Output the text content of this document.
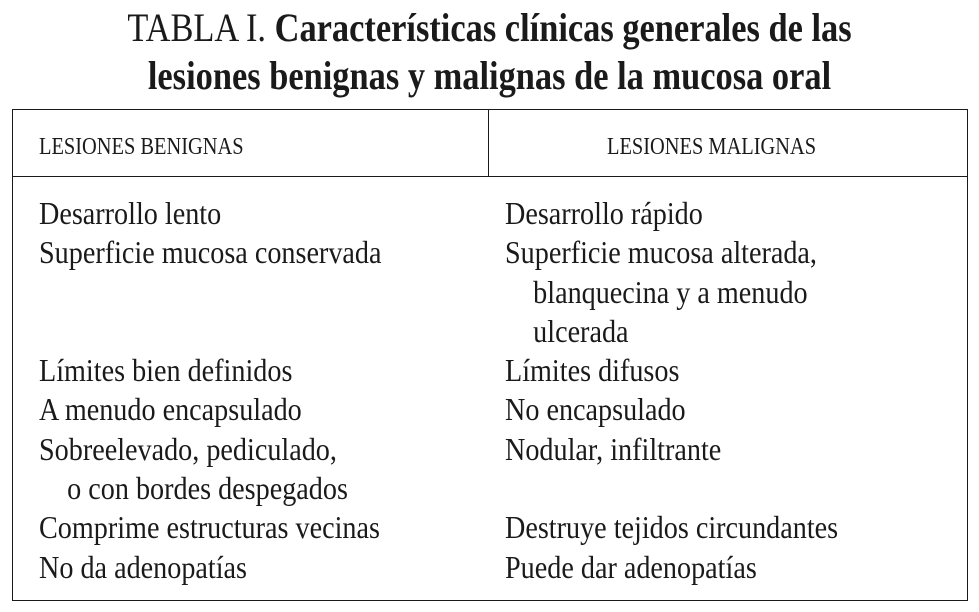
TABLA I. Características clínicas generales de las
lesiones benignas y malignas de la mucosa oral
LESIONES BENIGNAS	LESIONES MALIGNAS
Desarrollo lento
Superficie mucosa conservada
Límites bien definidos
A menudo encapsulado
Sobreelevado, pediculado,
o con bordes despegados
Comprime estructuras vecinas
No da adenopatías
Desarrollo rápido
Superficie mucosa alterada,
blanquecina y a menudo
ulcerada
Límites difusos
No encapsulado
Nodular, infiltrante
Destruye tejidos circundantes
Puede dar adenopatías
